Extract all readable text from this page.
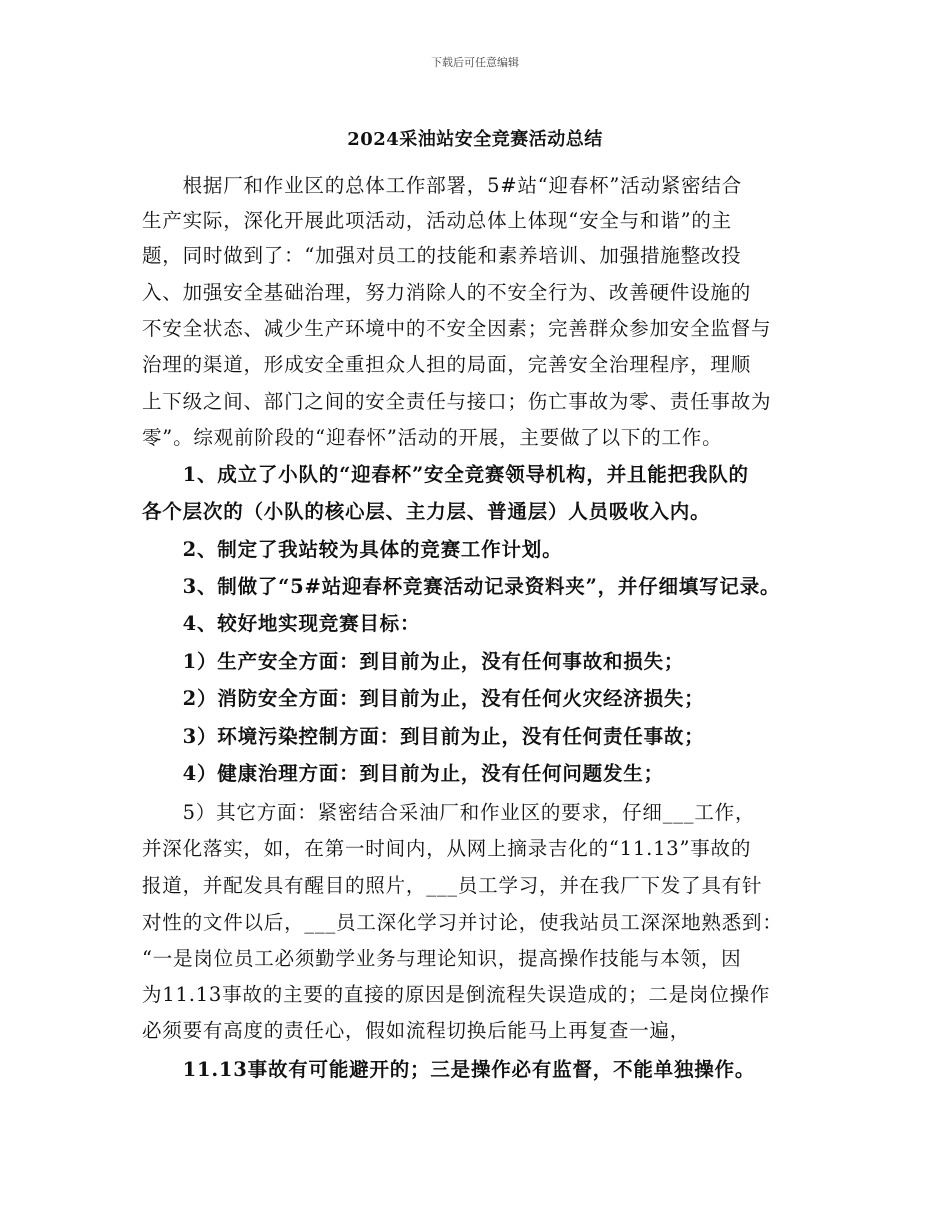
下载后可任意编辑
2024采油站安全竞赛活动总结
　　根据厂和作业区的总体工作部署，5#站“迎春杯”活动紧密结合
生产实际，深化开展此项活动，活动总体上体现“安全与和谐”的主
题，同时做到了：“加强对员工的技能和素养培训、加强措施整改投
入、加强安全基础治理，努力消除人的不安全行为、改善硬件设施的
不安全状态、减少生产环境中的不安全因素；完善群众参加安全监督与
治理的渠道，形成安全重担众人担的局面，完善安全治理程序，理顺
上下级之间、部门之间的安全责任与接口；伤亡事故为零、责任事故为
零”。综观前阶段的“迎春怀”活动的开展，主要做了以下的工作。
　　1、成立了小队的“迎春杯”安全竞赛领导机构，并且能把我队的
各个层次的（小队的核心层、主力层、普通层）人员吸收入内。
　　2、制定了我站较为具体的竞赛工作计划。
　　3、制做了“5#站迎春杯竞赛活动记录资料夹”，并仔细填写记录。
　　4、较好地实现竞赛目标：
　　1）生产安全方面：到目前为止，没有任何事故和损失；
　　2）消防安全方面：到目前为止，没有任何火灾经济损失；
　　3）环境污染控制方面：到目前为止，没有任何责任事故；
　　4）健康治理方面：到目前为止，没有任何问题发生；
　　5）其它方面：紧密结合采油厂和作业区的要求，仔细___工作，
并深化落实，如，在第一时间内，从网上摘录吉化的“11.13”事故的
报道，并配发具有醒目的照片，___员工学习，并在我厂下发了具有针
对性的文件以后，___员工深化学习并讨论，使我站员工深深地熟悉到：
“一是岗位员工必须勤学业务与理论知识，提高操作技能与本领，因
为11.13事故的主要的直接的原因是倒流程失误造成的；二是岗位操作
必须要有高度的责任心，假如流程切换后能马上再复查一遍，
　　11.13事故有可能避开的；三是操作必有监督，不能单独操作。
